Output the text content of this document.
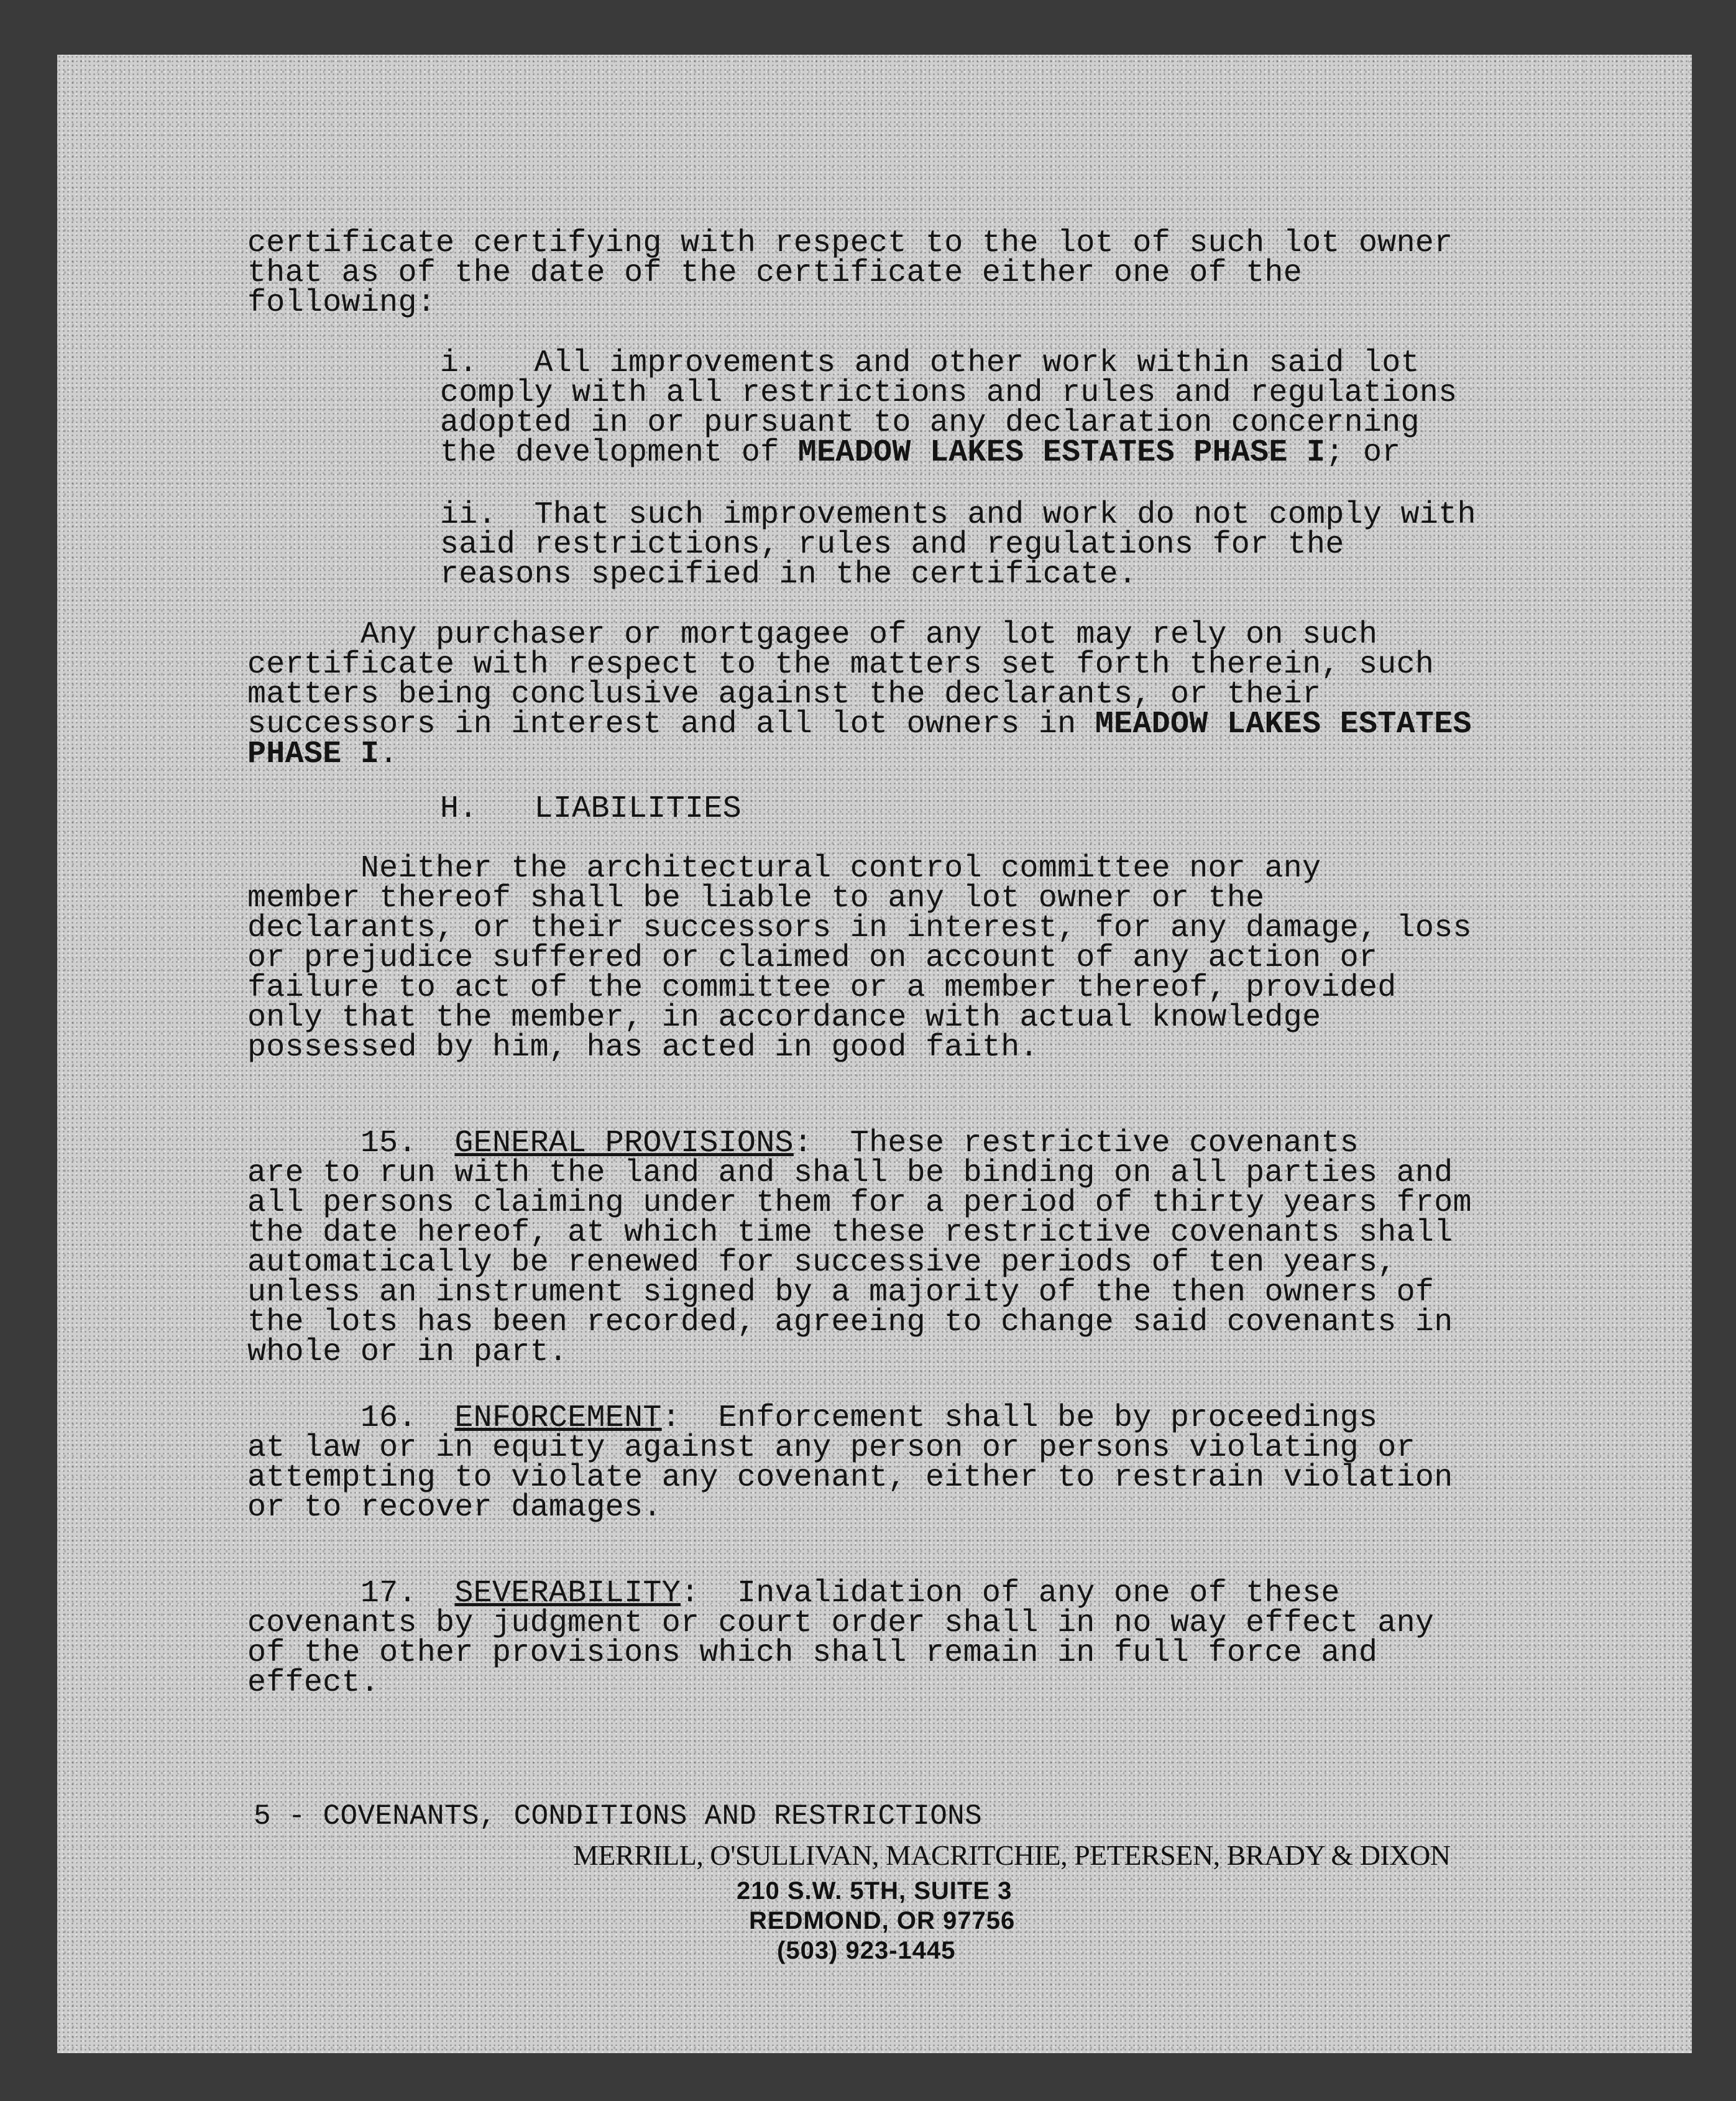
certificate certifying with respect to the lot of such lot owner
that as of the date of the certificate either one of the
following:
i.   All improvements and other work within said lot
comply with all restrictions and rules and regulations
adopted in or pursuant to any declaration concerning
the development of MEADOW LAKES ESTATES PHASE I; or
ii.  That such improvements and work do not comply with
said restrictions, rules and regulations for the
reasons specified in the certificate.
Any purchaser or mortgagee of any lot may rely on such
certificate with respect to the matters set forth therein, such
matters being conclusive against the declarants, or their
successors in interest and all lot owners in MEADOW LAKES ESTATES
PHASE I.
H.   LIABILITIES
Neither the architectural control committee nor any
member thereof shall be liable to any lot owner or the
declarants, or their successors in interest, for any damage, loss
or prejudice suffered or claimed on account of any action or
failure to act of the committee or a member thereof, provided
only that the member, in accordance with actual knowledge
possessed by him, has acted in good faith.
15.  GENERAL PROVISIONS:  These restrictive covenants
are to run with the land and shall be binding on all parties and
all persons claiming under them for a period of thirty years from
the date hereof, at which time these restrictive covenants shall
automatically be renewed for successive periods of ten years,
unless an instrument signed by a majority of the then owners of
the lots has been recorded, agreeing to change said covenants in
whole or in part.
16.  ENFORCEMENT:  Enforcement shall be by proceedings
at law or in equity against any person or persons violating or
attempting to violate any covenant, either to restrain violation
or to recover damages.
17.  SEVERABILITY:  Invalidation of any one of these
covenants by judgment or court order shall in no way effect any
of the other provisions which shall remain in full force and
effect.
5 - COVENANTS, CONDITIONS AND RESTRICTIONS
MERRILL, O'SULLIVAN, MACRITCHIE, PETERSEN, BRADY & DIXON
210 S.W. 5TH, SUITE 3
REDMOND, OR 97756
(503) 923-1445
